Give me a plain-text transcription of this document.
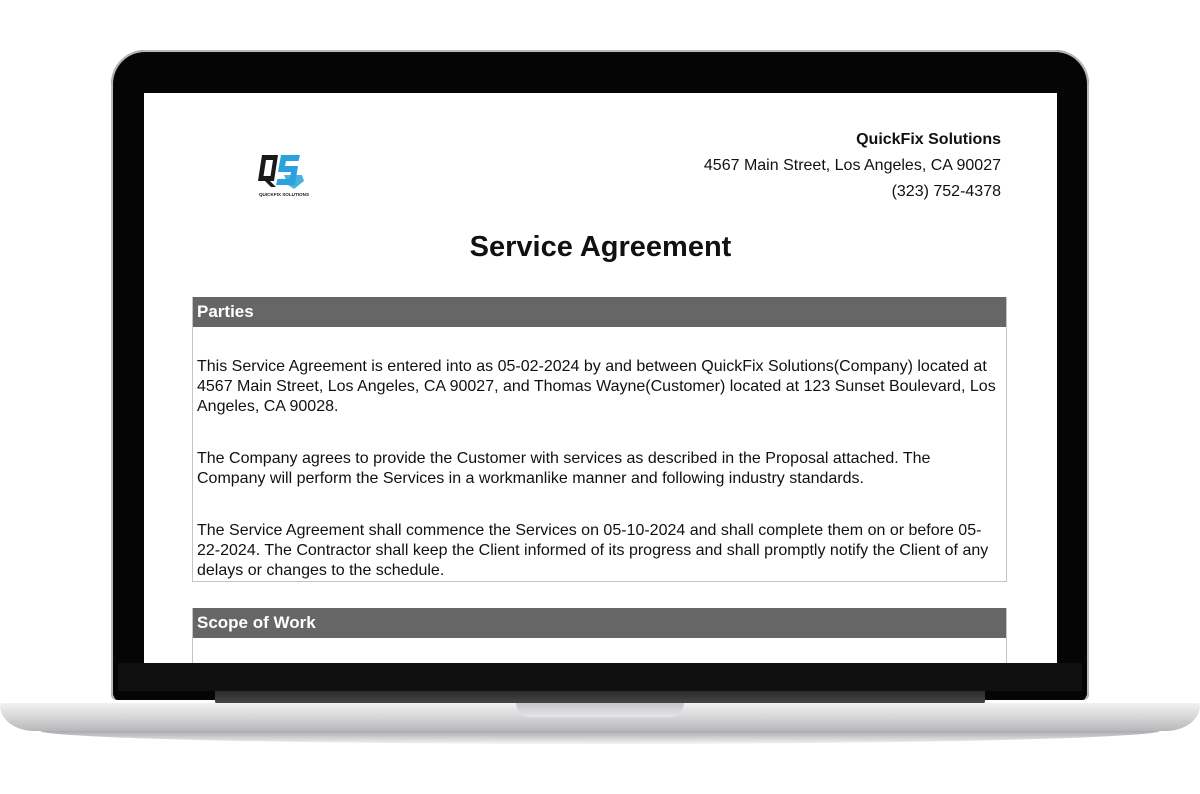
QUICKFIX SOLUTIONS
QuickFix Solutions
4567 Main Street, Los Angeles, CA 90027
(323) 752-4378
Service Agreement
Parties

This Service Agreement is entered into as 05-02-2024 by and between QuickFix Solutions(Company) located at 4567 Main Street, Los Angeles, CA 90027, and Thomas Wayne(Customer) located at 123 Sunset Boulevard, Los Angeles, CA 90028.

The Company agrees to provide the Customer with services as described in the Proposal attached. The Company will perform the Services in a workmanlike manner and following industry standards.

The Service Agreement shall commence the Services on 05-10-2024 and shall complete them on or before 05-22-2024. The Contractor shall keep the Client informed of its progress and shall promptly notify the Client of any delays or changes to the schedule.

Scope of Work
